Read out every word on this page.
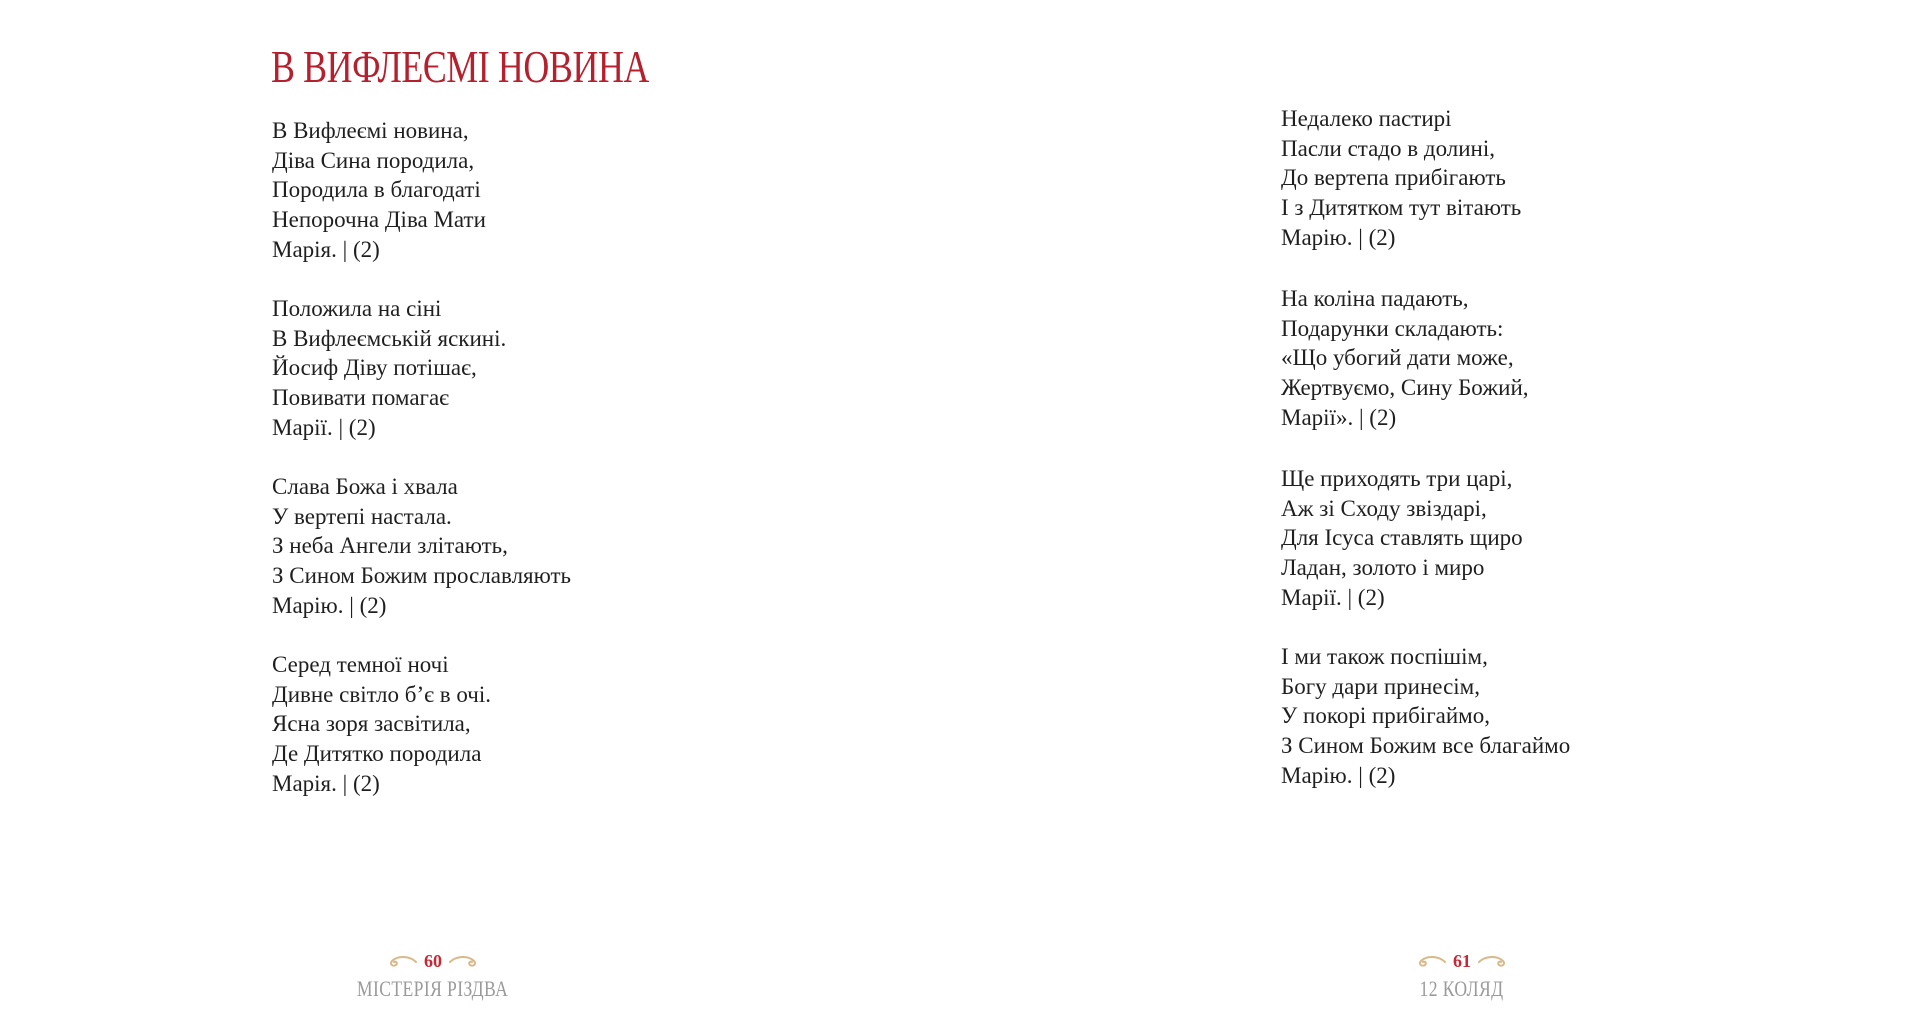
В ВИФЛЕЄМІ НОВИНА
В Вифлеємі новина,
Діва Сина породила,
Породила в благодаті
Непорочна Діва Мати
Марія. | (2)
Положила на сіні
В Вифлеємській яскині.
Йосиф Діву потішає,
Повивати помагає
Марії. | (2)
Слава Божа і хвала
У вертепі настала.
З неба Ангели злітають,
З Сином Божим прославляють
Марію. | (2)
Серед темної ночі
Дивне світло б’є в очі.
Ясна зоря засвітила,
Де Дитятко породила
Марія. | (2)
60
МІСТЕРІЯ РІЗДВА
Недалеко пастирі
Пасли стадо в долині,
До вертепа прибігають
І з Дитятком тут вітають
Марію. | (2)
На коліна падають,
Подарунки складають:
«Що убогий дати може,
Жертвуємо, Сину Божий,
Марії». | (2)
Ще приходять три царі,
Аж зі Сходу звіздарі,
Для Ісуса ставлять щиро
Ладан, золото і миро
Марії. | (2)
І ми також поспішім,
Богу дари принесім,
У покорі прибігаймо,
З Сином Божим все благаймо
Марію. | (2)
61
12 КОЛЯД
